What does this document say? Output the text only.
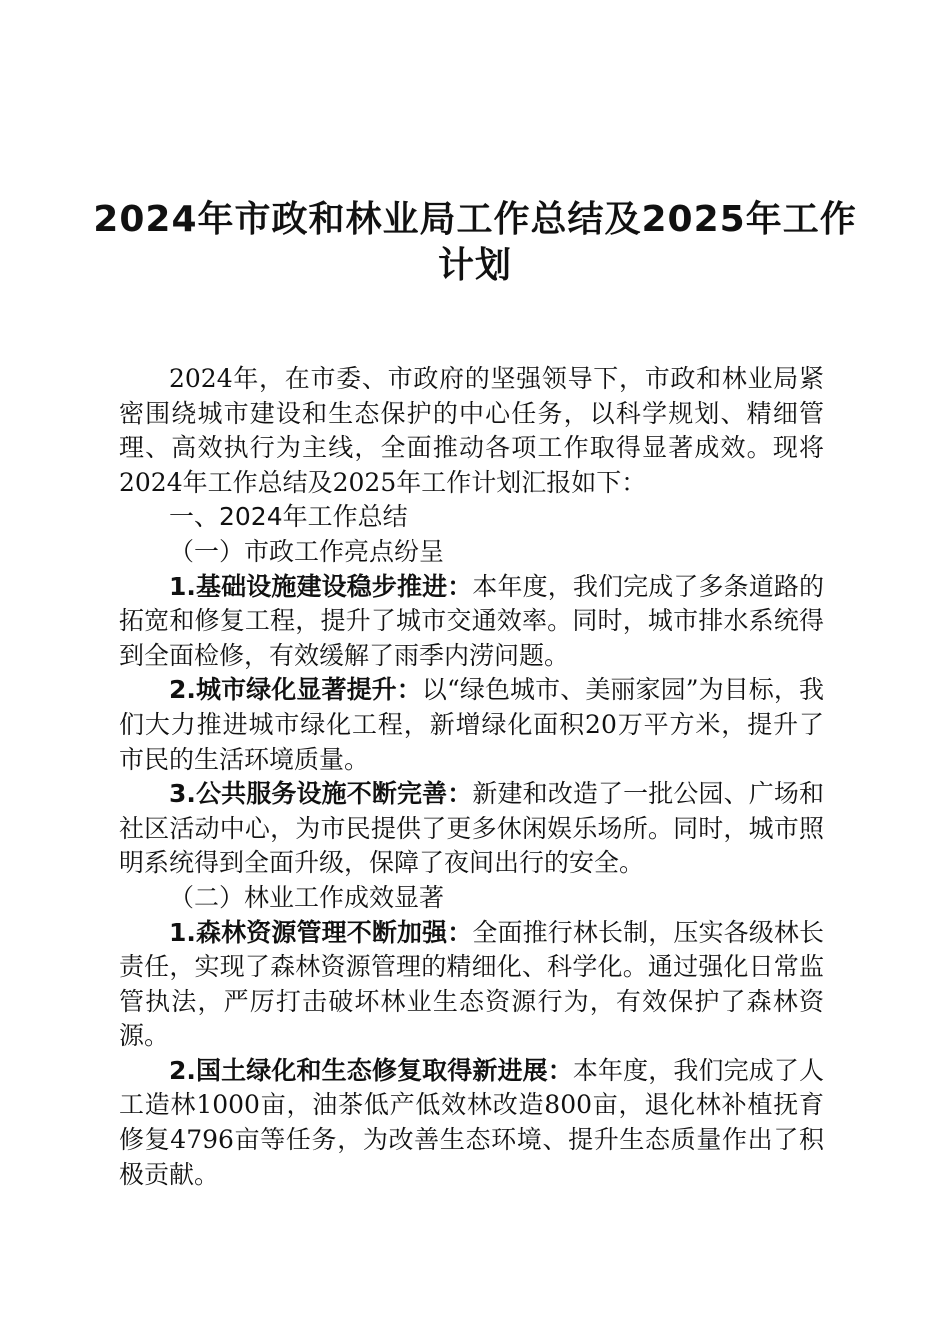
2024年市政和林业局工作总结及2025年工作
计划

2024年，在市委、市政府的坚强领导下，市政和林业局紧密围绕城市建设和生态保护的中心任务，以科学规划、精细管理、高效执行为主线，全面推动各项工作取得显著成效。现将2024年工作总结及2025年工作计划汇报如下：

一、2024年工作总结

（一）市政工作亮点纷呈

1.基础设施建设稳步推进：本年度，我们完成了多条道路的拓宽和修复工程，提升了城市交通效率。同时，城市排水系统得到全面检修，有效缓解了雨季内涝问题。

2.城市绿化显著提升：以“绿色城市、美丽家园”为目标，我们大力推进城市绿化工程，新增绿化面积20万平方米，提升了市民的生活环境质量。

3.公共服务设施不断完善：新建和改造了一批公园、广场和社区活动中心，为市民提供了更多休闲娱乐场所。同时，城市照明系统得到全面升级，保障了夜间出行的安全。

（二）林业工作成效显著

1.森林资源管理不断加强：全面推行林长制，压实各级林长责任，实现了森林资源管理的精细化、科学化。通过强化日常监管执法，严厉打击破坏林业生态资源行为，有效保护了森林资源。

2.国土绿化和生态修复取得新进展：本年度，我们完成了人工造林1000亩，油茶低产低效林改造800亩，退化林补植抚育修复4796亩等任务，为改善生态环境、提升生态质量作出了积极贡献。
